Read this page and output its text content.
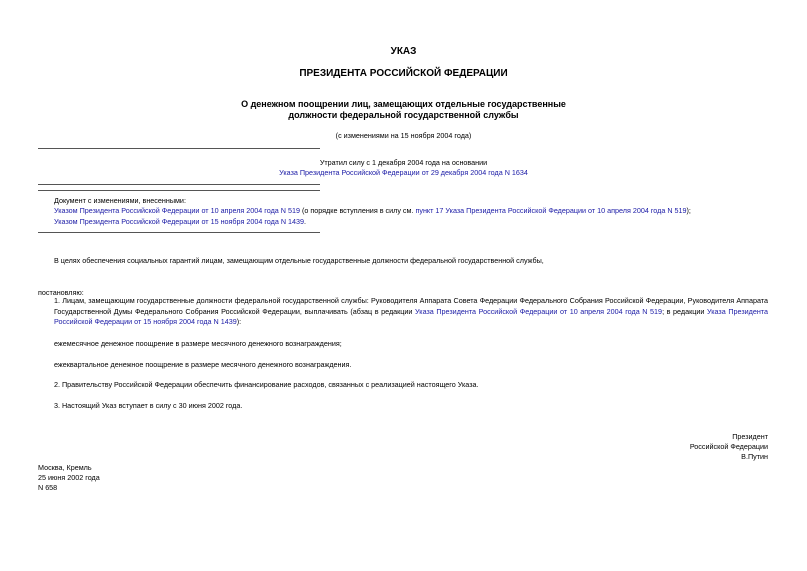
УКАЗ
ПРЕЗИДЕНТА РОССИЙСКОЙ ФЕДЕРАЦИИ
О денежном поощрении лиц, замещающих отдельные государственные
должности федеральной государственной службы
(с изменениями на 15 ноября 2004 года)
Утратил силу с 1 декабря 2004 года на основании
Указа Президента Российской Федерации от 29 декабря 2004 года N 1634
Документ с изменениями, внесенными:
Указом Президента Российской Федерации от 10 апреля 2004 года N 519 (о порядке вступления в силу см. пункт 17 Указа Президента Российской Федерации от 10 апреля 2004 года N 519);
Указом Президента Российской Федерации от 15 ноября 2004 года N 1439.
В целях обеспечения социальных гарантий лицам, замещающим отдельные государственные должности федеральной государственной службы,
постановляю:
1. Лицам, замещающим государственные должности федеральной государственной службы: Руководителя Аппарата Совета Федерации Федерального Собрания Российской Федерации, Руководителя Аппарата Государственной Думы Федерального Собрания Российской Федерации, выплачивать (абзац в редакции Указа Президента Российской Федерации от 10 апреля 2004 года N 519; в редакции Указа Президента Российской Федерации от 15 ноября 2004 года N 1439):
ежемесячное денежное поощрение в размере месячного денежного вознаграждения;
ежеквартальное денежное поощрение в размере месячного денежного вознаграждения.
2. Правительству Российской Федерации обеспечить финансирование расходов, связанных с реализацией настоящего Указа.
3. Настоящий Указ вступает в силу с 30 июня 2002 года.
Президент
Российской Федерации
В.Путин
Москва, Кремль
25 июня 2002 года
N 658
